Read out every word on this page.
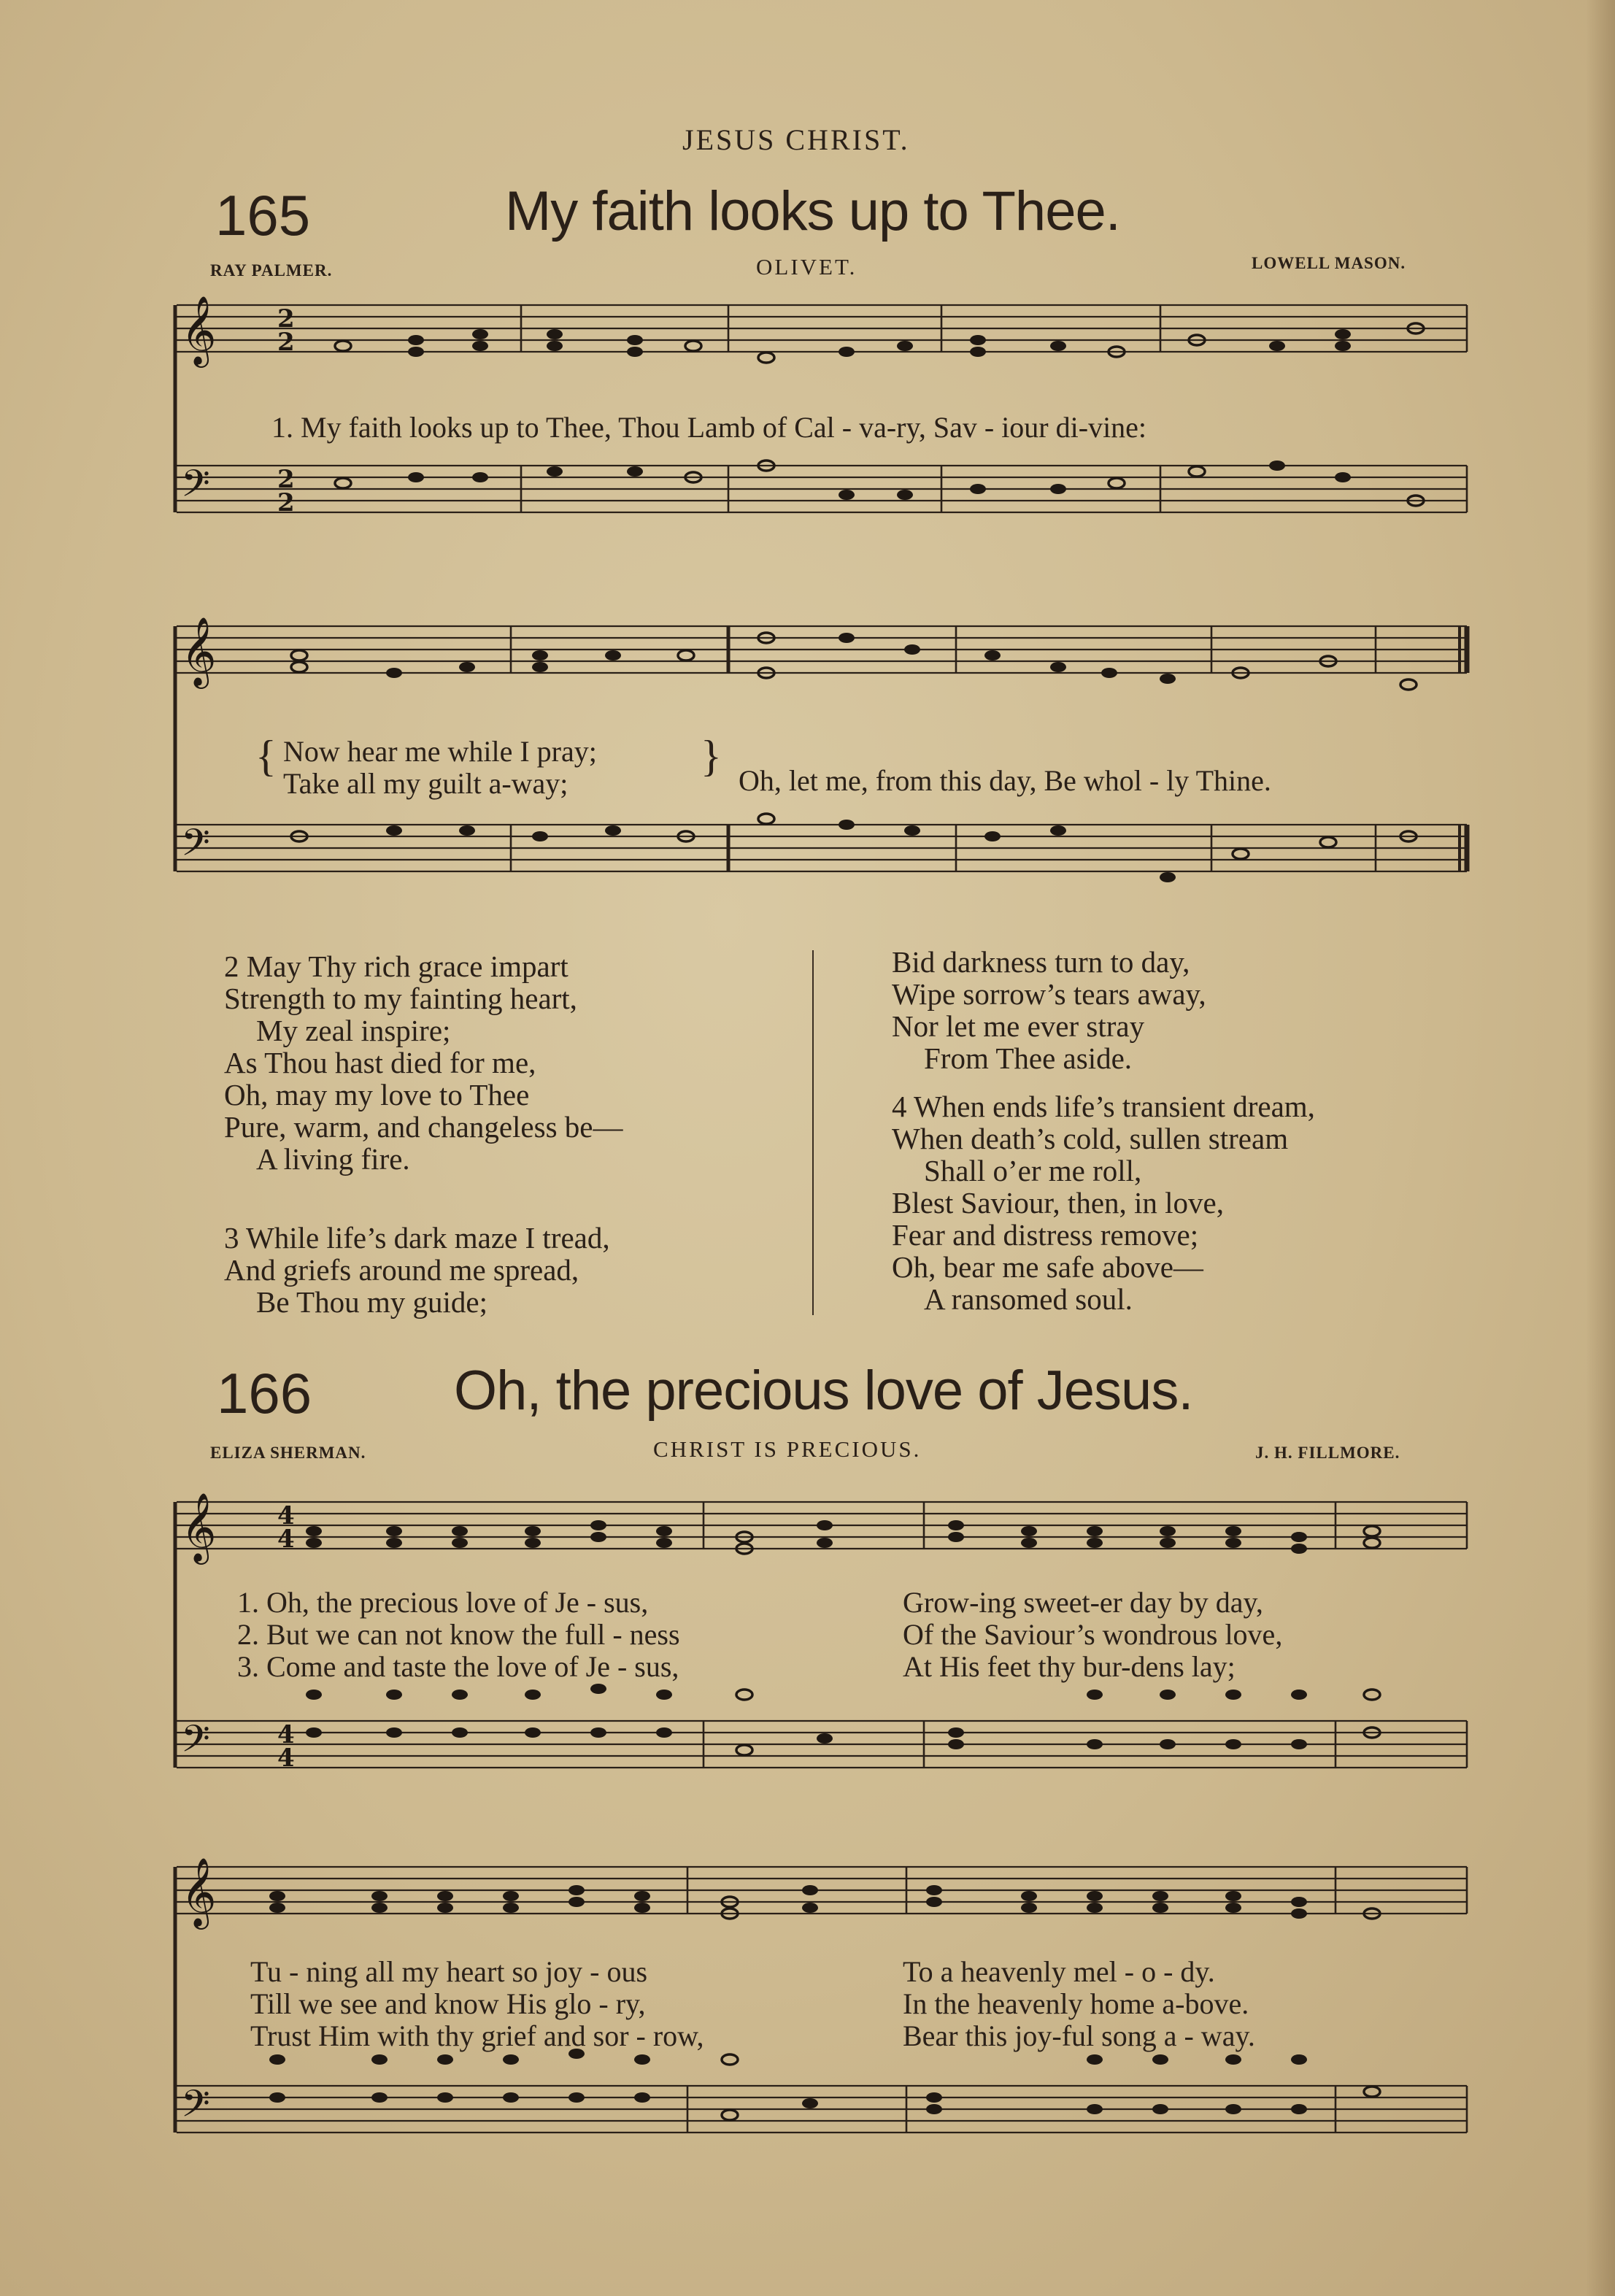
JESUS CHRIST.
165	My faith looks up to Thee.
RAY PALMER.	OLIVET.	LOWELL MASON.
𝄞
𝄢
2
2
2
2
1. My faith looks up to Thee, Thou Lamb of Cal - va-ry, Sav - iour di-vine:
𝄞
𝄢
{ Now hear me while I pray;
Take all my guilt a-way;
}
Oh, let me, from this day, Be whol - ly Thine.
2 May Thy rich grace impart
Strength to my fainting heart,
My zeal inspire;
As Thou hast died for me,
Oh, may my love to Thee
Pure, warm, and changeless be—
A living fire.
3 While life’s dark maze I tread,
And griefs around me spread,
Be Thou my guide;
Bid darkness turn to day,
Wipe sorrow’s tears away,
Nor let me ever stray
From Thee aside.
4 When ends life’s transient dream,
When death’s cold, sullen stream
Shall o’er me roll,
Blest Saviour, then, in love,
Fear and distress remove;
Oh, bear me safe above—
A ransomed soul.
166	Oh, the precious love of Jesus.
ELIZA SHERMAN.	CHRIST IS PRECIOUS.	J. H. FILLMORE.
𝄞
𝄢
4
4
4
4
1. Oh, the precious love of Je - sus,
2. But we can not know the full - ness
3. Come and taste the love of Je - sus,
Grow-ing sweet-er day by day,
Of the Saviour’s wondrous love,
At His feet thy bur-dens lay;
𝄞
𝄢
Tu - ning all my heart so joy - ous
Till we see and know His glo - ry,
Trust Him with thy grief and sor - row,
To a heavenly mel - o - dy.
In the heavenly home a-bove.
Bear this joy-ful song a - way.
